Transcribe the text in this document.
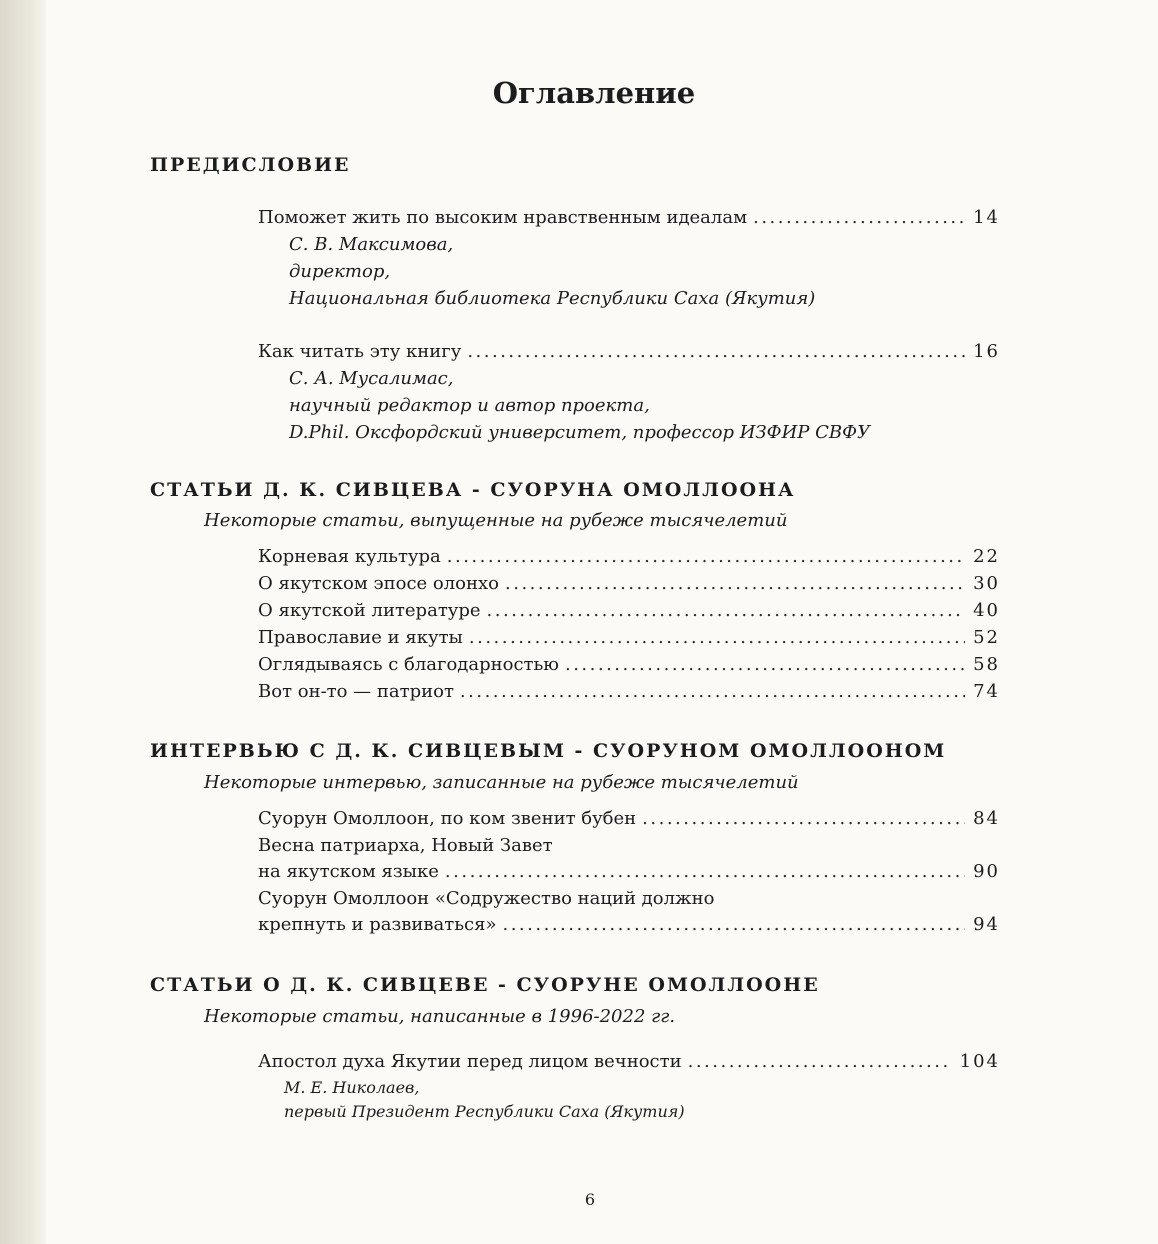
Оглавление
ПРЕДИСЛОВИЕ
Поможет жить по высоким нравственным идеалам .....	14

С. В. Максимова,

директор,

Национальная библиотека Республики Саха (Якутия)

Как читать эту книгу .....	16

С. А. Мусалимас,

научный редактор и автор проекта,

D.Phil. Оксфордский университет, профессор ИЗФИР СВФУ

СТАТЬИ Д. К. СИВЦЕВА - СУОРУНА ОМОЛЛООНА

Некоторые статьи, выпущенные на рубеже тысячелетий

Корневая культура .....	22
О якутском эпосе олонхо .....	30
О якутской литературе .....	40
Православие и якуты .....	52
Оглядываясь с благодарностью .....	58
Вот он-то — патриот .....	74
ИНТЕРВЬЮ С Д. К. СИВЦЕВЫМ - СУОРУНОМ ОМОЛЛООНОМ

Некоторые интервью, записанные на рубеже тысячелетий

Суорун Омоллоон, по ком звенит бубен .....	84

Весна патриарха, Новый Завет

на якутском языке .....	90

Суорун Омоллоон «Содружество наций должно

крепнуть и развиваться» .....	94
СТАТЬИ О Д. К. СИВЦЕВЕ - СУОРУНЕ ОМОЛЛООНЕ

Некоторые статьи, написанные в 1996-2022 гг.

Апостол духа Якутии перед лицом вечности .....	104

М. Е. Николаев,

первый Президент Республики Саха (Якутия)

6
